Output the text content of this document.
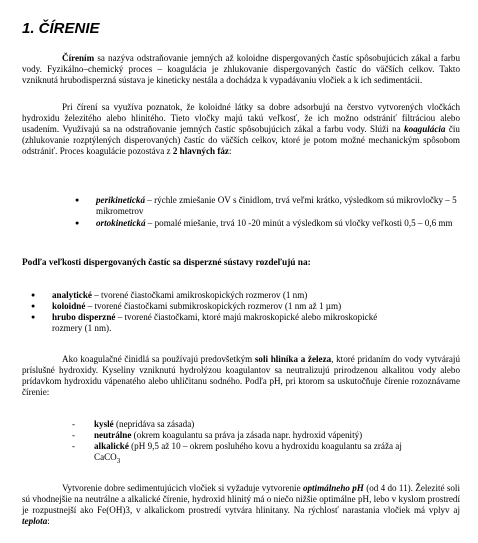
1. ČÍRENIE

Čírením sa nazýva odstraňovanie jemných až koloidne dispergovaných častíc spôsobujúcich zákal a farbu vody. Fyzikálno–chemický proces – koagulácia je zhlukovanie dispergovaných častíc do väčších celkov. Takto vzniknutá hrubodisperzná sústava je kineticky nestála a dochádza k vypadávaniu vločiek a k ich sedimentácii.

Pri čírení sa využíva poznatok, že koloidné látky sa dobre adsorbujú na čerstvo vytvorených vločkách hydroxidu železitého alebo hlinitého. Tieto vločky majú takú veľkosť, že ich možno odstrániť filtráciou alebo usadením. Využívajú sa na odstraňovanie jemných častíc spôsobujúcich zákal a farbu vody. Slúži na koagulácia čiu (zhlukovanie rozptýlených disperovaných) častíc do väčších celkov, ktoré je potom možné mechanickým spôsobom odstrániť. Proces koagulácie pozostáva z 2 hlavných fáz:

● perikinetická – rýchle zmiešanie OV s činidlom, trvá veľmi krátko, výsledkom sú mikrovločky – 5 mikrometrov
● ortokinetická – pomalé miešanie, trvá 10 -20 minút a výsledkom sú vločky veľkosti 0,5 – 0,6 mm

Podľa veľkosti dispergovaných častíc sa disperzné sústavy rozdeľujú na:

● analytické – tvorené čiastočkami amikroskopických rozmerov (1 nm)
● koloidné – tvorené čiastočkami submikroskopických rozmerov (1 nm až 1 µm)
● hrubo disperzné – tvorené čiastočkami, ktoré majú makroskopické alebo mikroskopické rozmery (1 nm).

Ako koagulačné činidlá sa používajú predovšetkým soli hliníka a železa, ktoré pridaním do vody vytvárajú príslušné hydroxidy. Kyseliny vzniknutú hydrolýzou koagulantov sa neutralizujú prirodzenou alkalitou vody alebo prídavkom hydroxidu vápenatého alebo uhličitanu sodného. Podľa pH, pri ktorom sa uskutočňuje čírenie rozoznávame čírenie:

- kyslé (nepridáva sa zásada)
- neutrálne (okrem koagulantu sa práva ja zásada napr. hydroxid vápenitý)
- alkalické (pH 9,5 až 10 – okrem posluhého kovu a hydroxidu koagulantu sa zráža aj CaCO$_3$

Vytvorenie dobre sedimentujúcich vločiek si vyžaduje vytvorenie optimálneho pH (od 4 do 11). Železité soli sú vhodnejšie na neutrálne a alkalické čírenie, hydroxid hlinitý má o niečo nižšie optimálne pH, lebo v kyslom prostredí je rozpustnejší ako Fe(OH)3, v alkalickom prostredí vytvára hlinitany. Na rýchlosť narastania vločiek má vplyv aj teplota:
